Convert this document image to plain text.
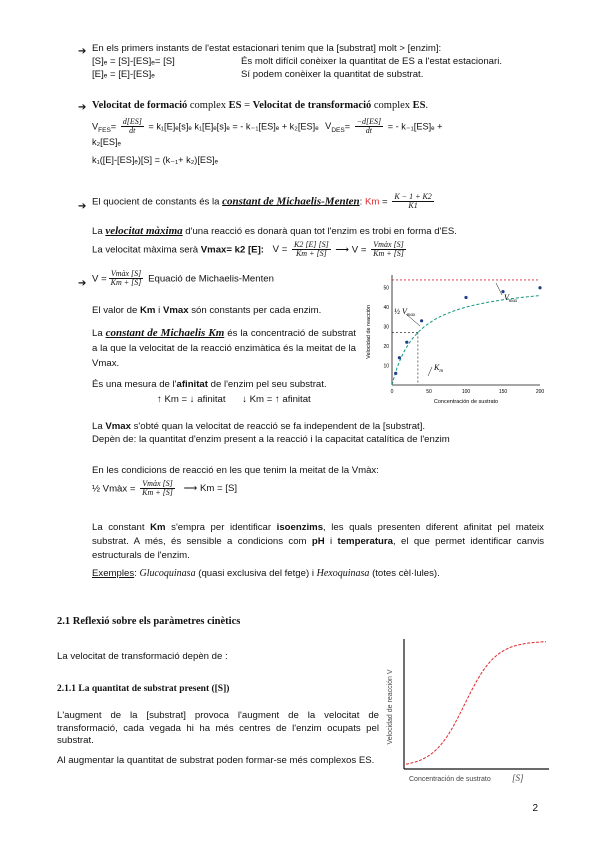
➔ En els primers instants de l'estat estacionari tenim que la [substrat] molt > [enzim]:
[S]ₑ = [S]-[ES]ₑ= [S]	És molt difícil conèixer la quantitat de ES a l'estat estacionari.
[E]ₑ = [E]-[ES]ₑ	Sí podem conèixer la quantitat de substrat.
➔ Velocitat de formació complex ES = Velocitat de transformació complex ES.
$V_{FES}= \frac{d[ES]}{dt} = k_1[E]_e[s]_e$ k₁[E]ₑ[s]ₑ = - k₋₁[ES]ₑ + k₂[ES]ₑ $V_{DES}= \frac{-d[ES]}{dt}$ = - k₋₁[ES]ₑ +
k₂[ES]ₑ
k₁([E]-[ES]ₑ)[S] = (k₋₁+ k₂)[ES]ₑ
➔ El quocient de constants és la constant de Michaelis-Menten: $Km = \frac{K - 1 + K2}{K1}$
La velocitat màxima d'una reacció es donarà quan tot l'enzim es trobi en forma d'ES.
La velocitat màxima serà Vmax= k2 [E]: $V = \frac{K2 [E] [S]}{Km + [S]}$ ⟶ $V = \frac{\text{Vmàx [S]}}{Km + [S]}$
➔ $V = \frac{\text{Vmàx [S]}}{Km + [S]}$ Equació de Michaelis-Menten
El valor de Km i Vmax són constants per cada enzim.
La constant de Michaelis Km és la concentració de substrat a la que la velocitat de la reacció enzimàtica és la meitat de la Vmax.
És una mesura de l'afinitat de l'enzim pel seu substrat.
↑ Km = ↓ afinitat ↓ Km = ↑ afinitat
50
40
30
20
10
0	50	100	150	200
Velocidad de reacción
Concentración de sustrato
½ $V_{max}$
$V_{max}$
$K_m$
La Vmax s'obté quan la velocitat de reacció se fa independent de la [substrat].
Depèn de: la quantitat d'enzim present a la reacció i la capacitat catalítica de l'enzim
En les condicions de reacció en les que tenim la meitat de la Vmàx:
½ Vmàx = $\frac{\text{Vmàx [S]}}{Km + [S]}$ ⟶ Km = [S]
La constant Km s'empra per identificar isoenzims, les quals presenten diferent afinitat pel mateix substrat. A més, és sensible a condicions com pH i temperatura, el que permet identificar canvis estructurals de l'enzim.
Exemples: Glucoquinasa (quasi exclusiva del fetge) i Hexoquinasa (totes cèl·lules).
2.1 Reflexió sobre els paràmetres cinètics
La velocitat de transformació depèn de :
2.1.1 La quantitat de substrat present ([S])
L'augment de la [substrat] provoca l'augment de la velocitat de transformació, cada vegada hi ha més centres de l'enzim ocupats pel substrat.
Al augmentar la quantitat de substrat poden formar-se més complexos ES.
Velocidad de reacción V
Concentración de sustrato [S]
2
